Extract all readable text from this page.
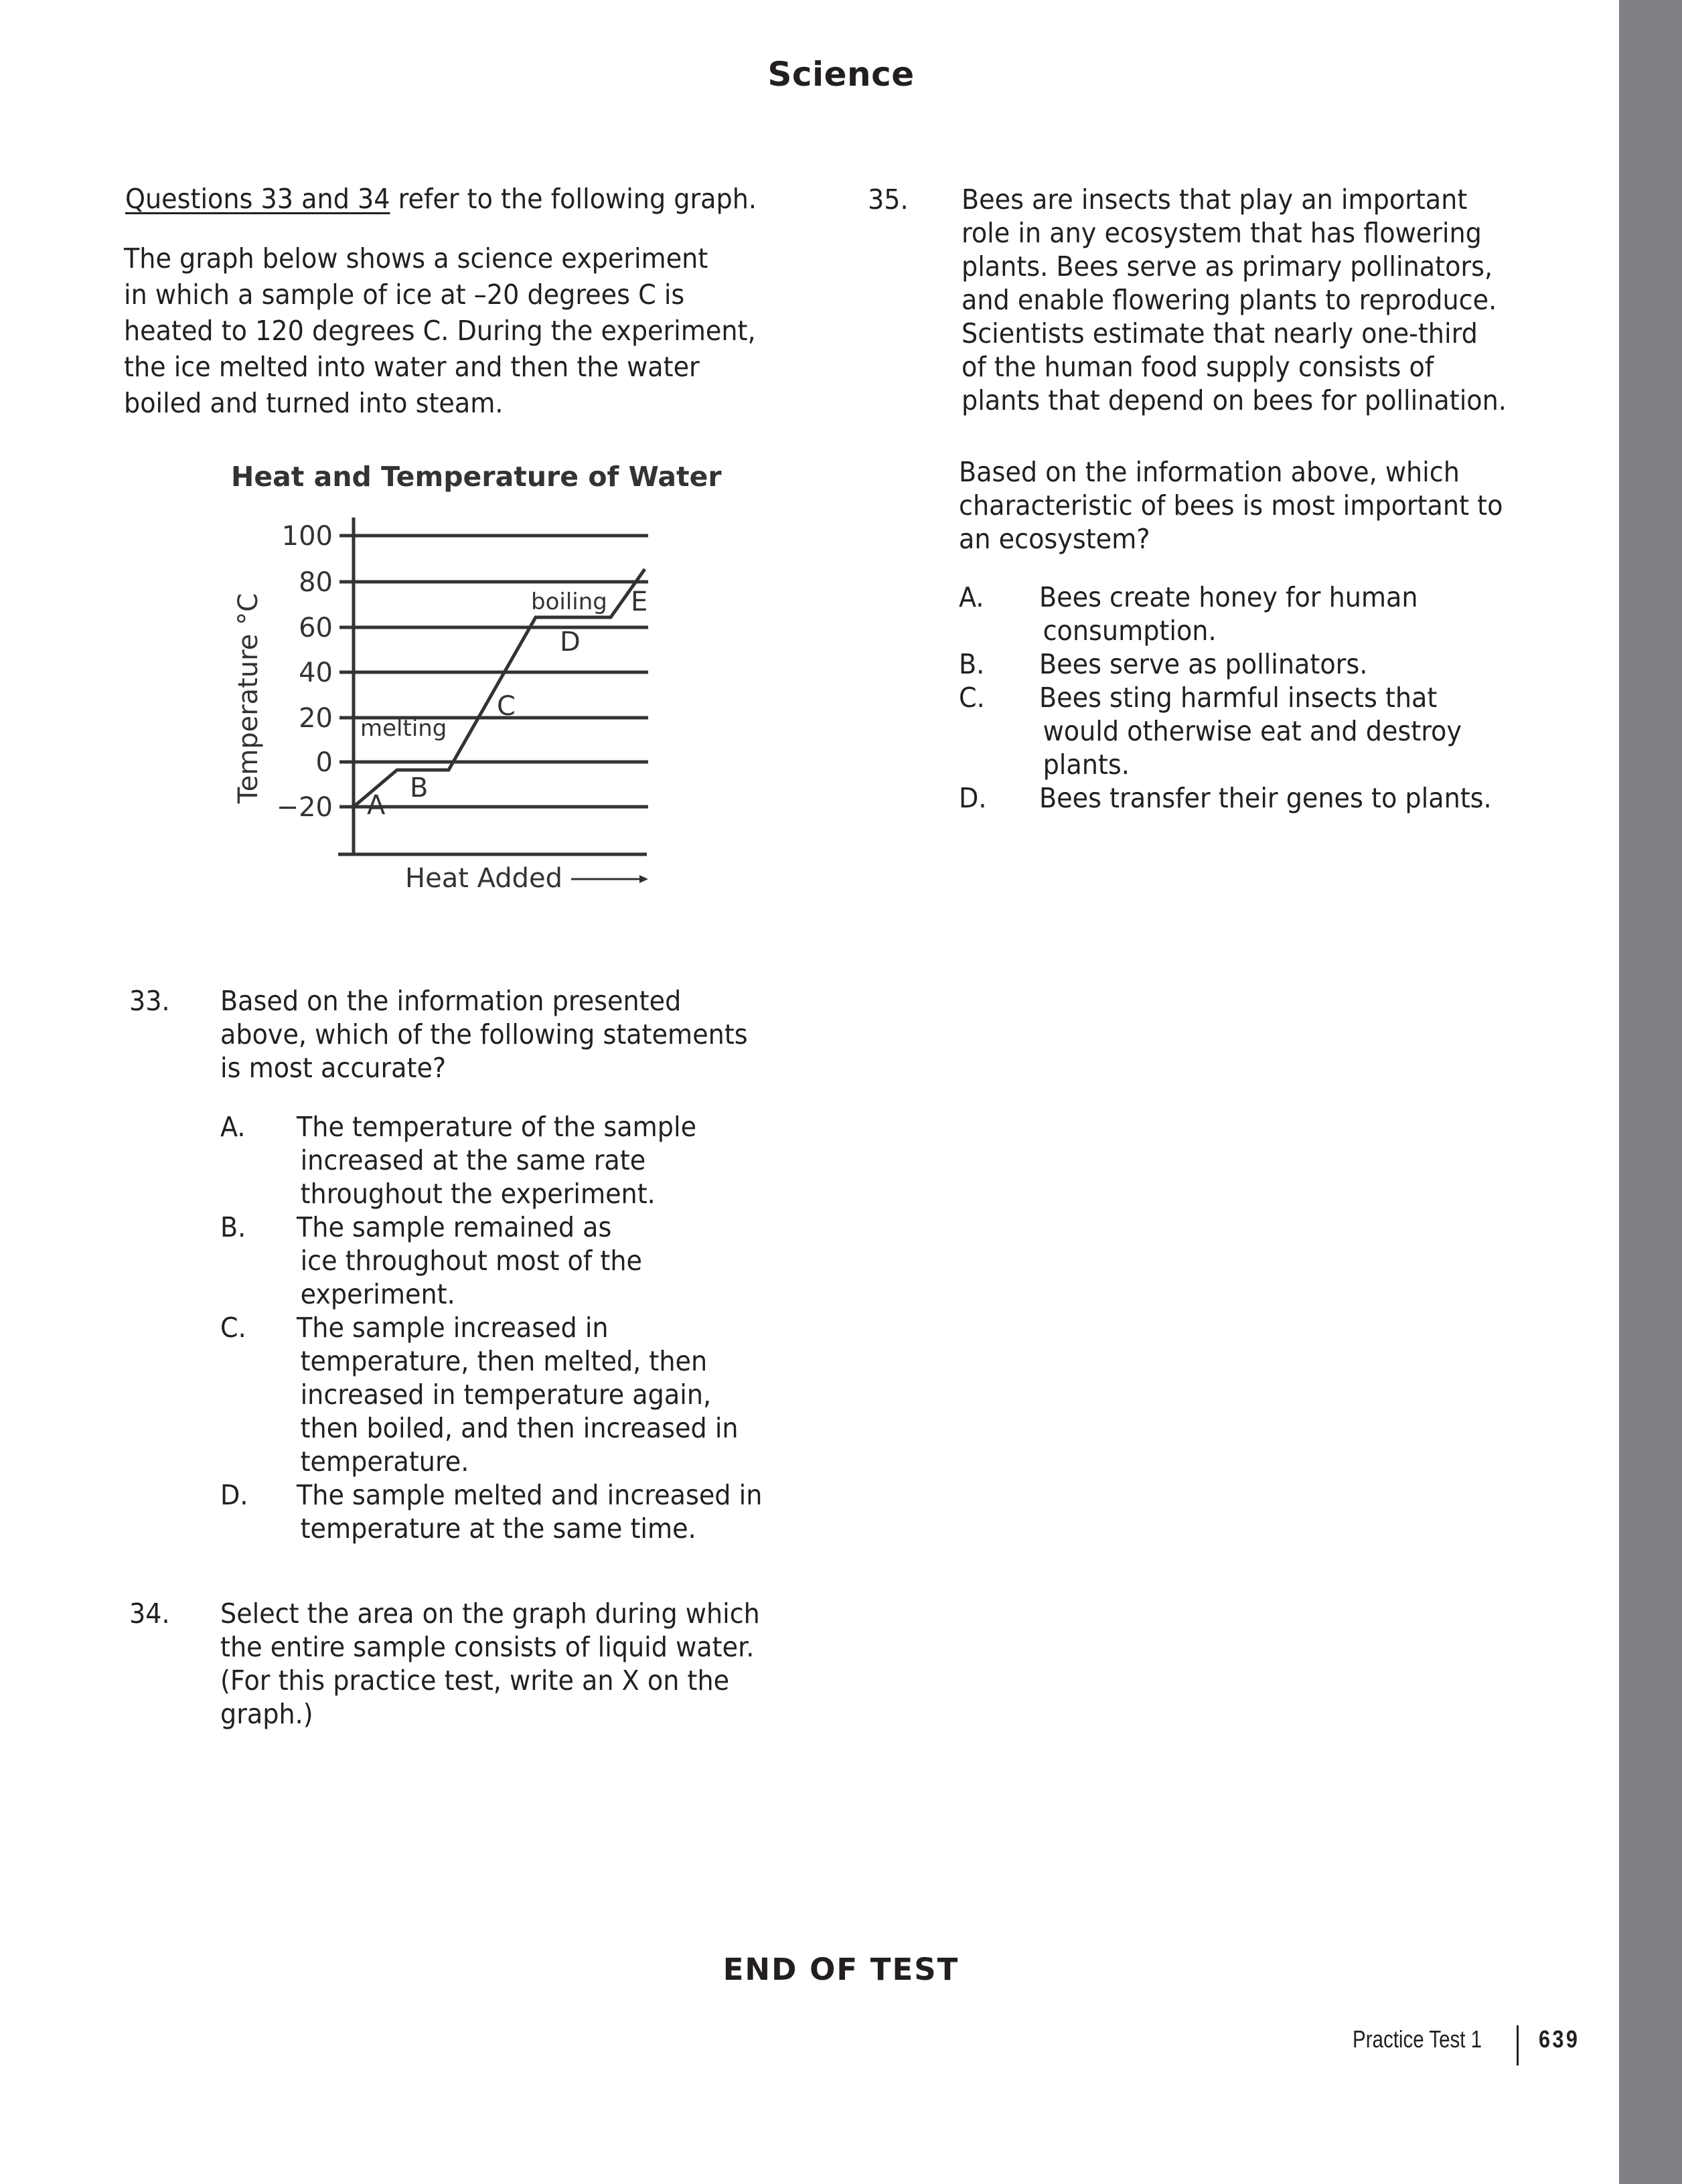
Science
Questions 33 and 34 refer to the following graph.
The graph below shows a science experiment
in which a sample of ice at –20 degrees C is
heated to 120 degrees C. During the experiment,
the ice melted into water and then the water
boiled and turned into steam.
Heat and Temperature of Water
100
80
60
40
20
0
−20
Temperature °C	melting
boiling
A
B
C
D
E
Heat Added
33. Based on the information presented
above, which of the following statements
is most accurate?
A. The temperature of the sample
increased at the same rate
throughout the experiment.
B. The sample remained as
ice throughout most of the
experiment.
C. The sample increased in
temperature, then melted, then
increased in temperature again,
then boiled, and then increased in
temperature.
D. The sample melted and increased in
temperature at the same time.
34. Select the area on the graph during which
the entire sample consists of liquid water.
(For this practice test, write an X on the
graph.)
35. Bees are insects that play an important
role in any ecosystem that has flowering
plants. Bees serve as primary pollinators,
and enable flowering plants to reproduce.
Scientists estimate that nearly one-third
of the human food supply consists of
plants that depend on bees for pollination.
Based on the information above, which
characteristic of bees is most important to
an ecosystem?
A. Bees create honey for human
consumption.
B. Bees serve as pollinators.
C. Bees sting harmful insects that
would otherwise eat and destroy
plants.
D. Bees transfer their genes to plants.
END OF TEST
Practice Test 1 639
